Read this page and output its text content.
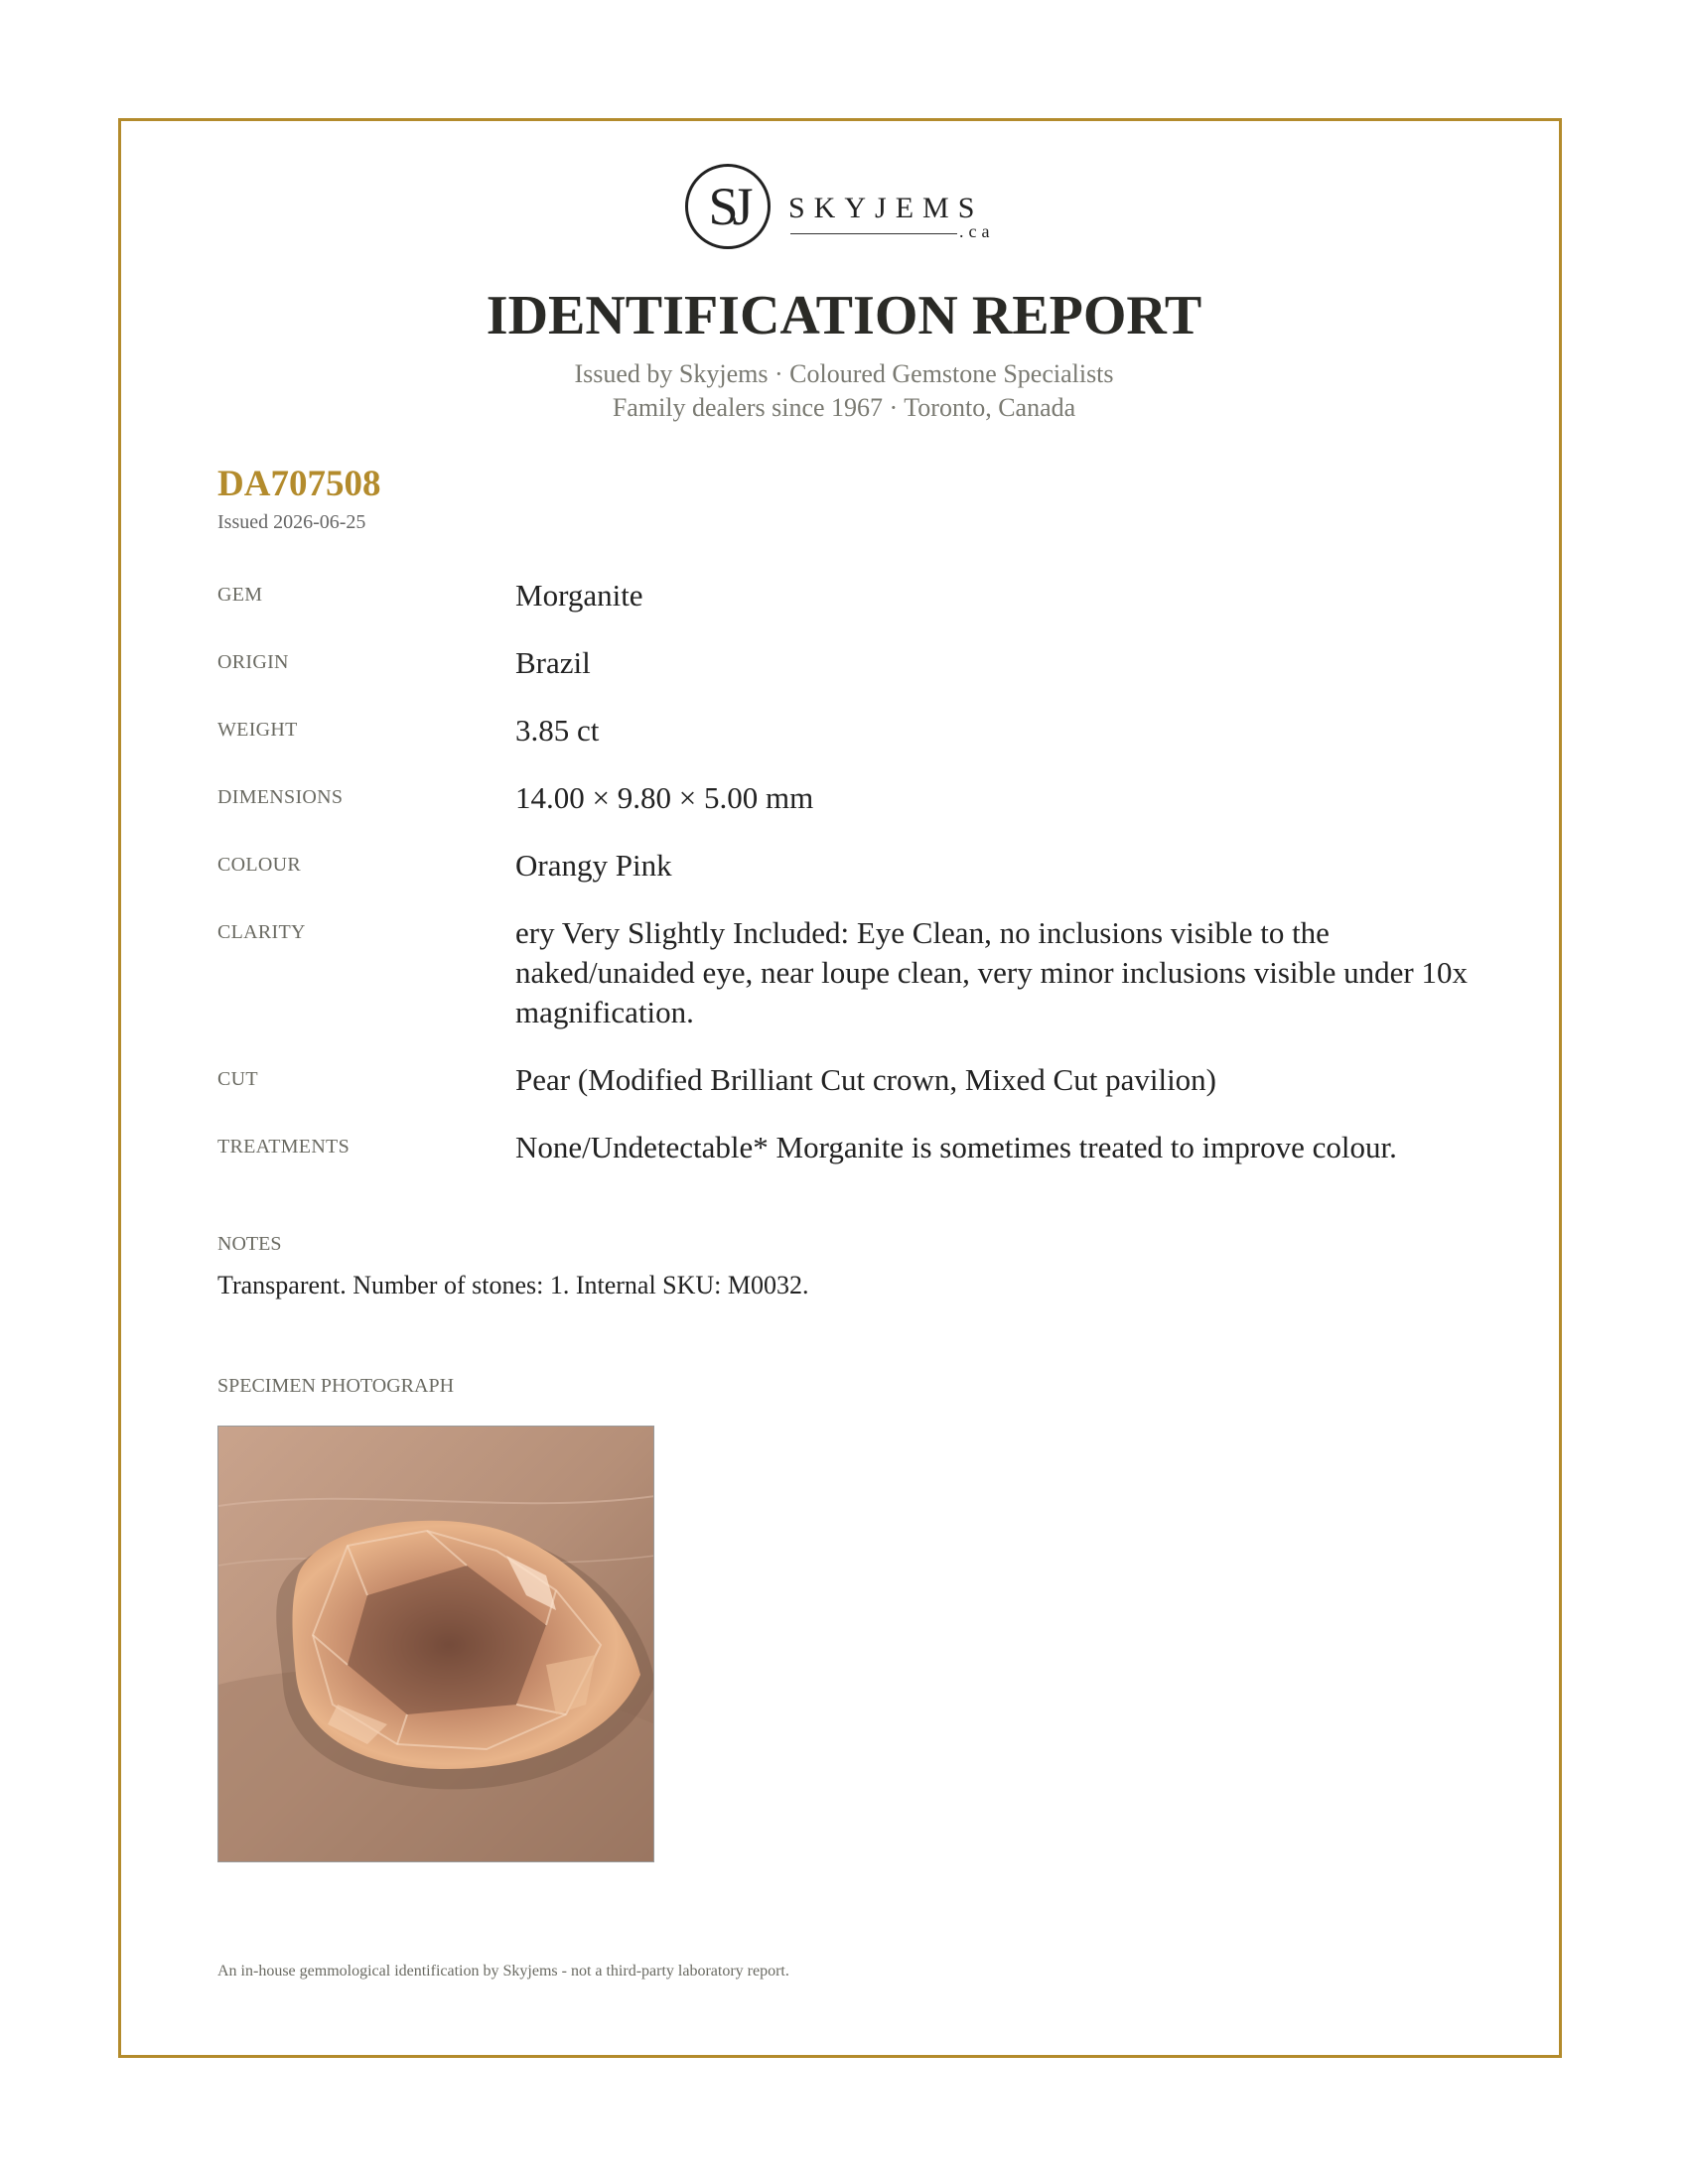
SJ SKYJEMS
.ca
IDENTIFICATION REPORT
Issued by Skyjems · Coloured Gemstone Specialists
Family dealers since 1967 · Toronto, Canada
DA707508
Issued 2026-06-25
GEM	Morganite
ORIGIN	Brazil
WEIGHT	3.85 ct
DIMENSIONS	14.00 × 9.80 × 5.00 mm
COLOUR	Orangy Pink
CLARITY	ery Very Slightly Included: Eye Clean, no inclusions visible to the naked/unaided eye, near loupe clean, very minor inclusions visible under 10x magnification.
CUT	Pear (Modified Brilliant Cut crown, Mixed Cut pavilion)
TREATMENTS	None/Undetectable* Morganite is sometimes treated to improve colour.
NOTES
Transparent. Number of stones: 1. Internal SKU: M0032.
SPECIMEN PHOTOGRAPH
An in-house gemmological identification by Skyjems - not a third-party laboratory report.
